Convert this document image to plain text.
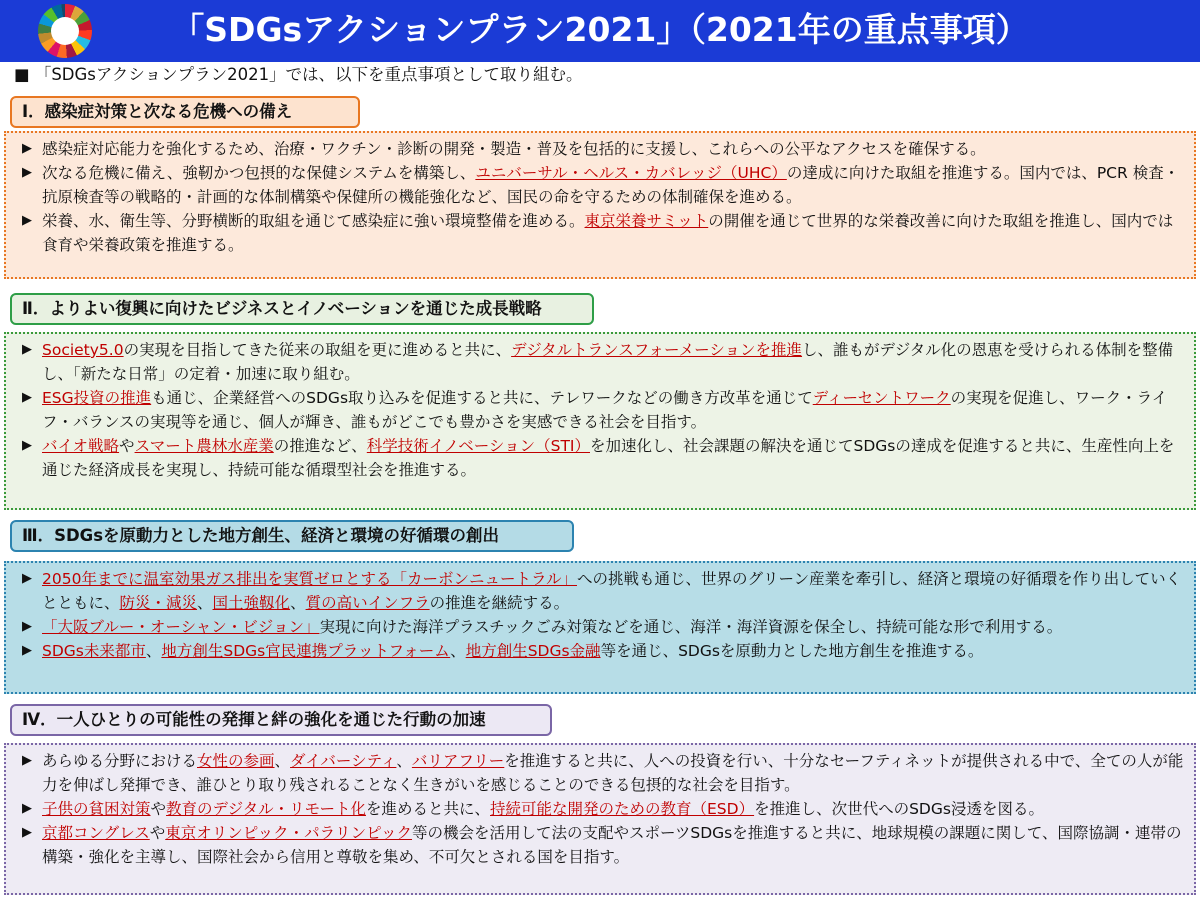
「SDGsアクションプラン2021」（2021年の重点事項）
■ 「SDGsアクションプラン2021」では、以下を重点事項として取り組む。
Ⅰ．感染症対策と次なる危機への備え

▶ 感染症対応能力を強化するため、治療・ワクチン・診断の開発・製造・普及を包括的に支援し、これらへの公平なアクセスを確保する。

▶ 次なる危機に備え、強靭かつ包摂的な保健システムを構築し、ユニバーサル・ヘルス・カバレッジ（UHC）の達成に向けた取組を推進する。国内では、PCR 検査・抗原検査等の戦略的・計画的な体制構築や保健所の機能強化など、国民の命を守るための体制確保を進める。

▶ 栄養、水、衛生等、分野横断的取組を通じて感染症に強い環境整備を進める。東京栄養サミットの開催を通じて世界的な栄養改善に向けた取組を推進し、国内では食育や栄養政策を推進する。

Ⅱ．よりよい復興に向けたビジネスとイノベーションを通じた成長戦略

▶ Society5.0の実現を目指してきた従来の取組を更に進めると共に、デジタルトランスフォーメーションを推進し、誰もがデジタル化の恩恵を受けられる体制を整備し、「新たな日常」の定着・加速に取り組む。

▶ ESG投資の推進も通じ、企業経営へのSDGs取り込みを促進すると共に、テレワークなどの働き方改革を通じてディーセントワークの実現を促進し、ワーク・ライフ・バランスの実現等を通じ、個人が輝き、誰もがどこでも豊かさを実感できる社会を目指す。

▶ バイオ戦略やスマート農林水産業の推進など、科学技術イノベーション（STI）を加速化し、社会課題の解決を通じてSDGsの達成を促進すると共に、生産性向上を通じた経済成長を実現し、持続可能な循環型社会を推進する。

Ⅲ．SDGsを原動力とした地方創生、経済と環境の好循環の創出

▶ 2050年までに温室効果ガス排出を実質ゼロとする「カーボンニュートラル」への挑戦も通じ、世界のグリーン産業を牽引し、経済と環境の好循環を作り出していくとともに、防災・減災、国土強靱化、質の高いインフラの推進を継続する。

▶ 「大阪ブルー・オーシャン・ビジョン」実現に向けた海洋プラスチックごみ対策などを通じ、海洋・海洋資源を保全し、持続可能な形で利用する。

▶ SDGs未来都市、地方創生SDGs官民連携プラットフォーム、地方創生SDGs金融等を通じ、SDGsを原動力とした地方創生を推進する。

Ⅳ．一人ひとりの可能性の発揮と絆の強化を通じた行動の加速

▶ あらゆる分野における女性の参画、ダイバーシティ、バリアフリーを推進すると共に、人への投資を行い、十分なセーフティネットが提供される中で、全ての人が能力を伸ばし発揮でき、誰ひとり取り残されることなく生きがいを感じることのできる包摂的な社会を目指す。

▶ 子供の貧困対策や教育のデジタル・リモート化を進めると共に、持続可能な開発のための教育（ESD）を推進し、次世代へのSDGs浸透を図る。

▶ 京都コングレスや東京オリンピック・パラリンピック等の機会を活用して法の支配やスポーツSDGsを推進すると共に、地球規模の課題に関して、国際協調・連帯の構築・強化を主導し、国際社会から信用と尊敬を集め、不可欠とされる国を目指す。
